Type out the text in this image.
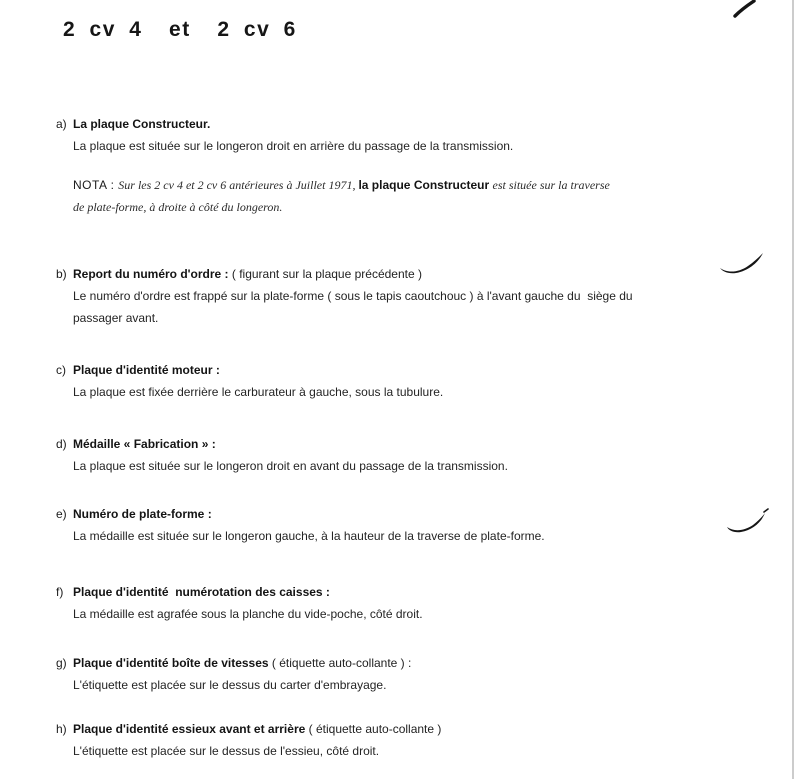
2 cv 4  et  2 cv 6
a) La plaque Constructeur.
La plaque est située sur le longeron droit en arrière du passage de la transmission.
NOTA : Sur les 2 cv 4 et 2 cv 6 antérieures à Juillet 1971, la plaque Constructeur est située sur la traverse
de plate-forme, à droite à côté du longeron.
b) Report du numéro d'ordre : ( figurant sur la plaque précédente )
Le numéro d'ordre est frappé sur la plate-forme ( sous le tapis caoutchouc ) à l'avant gauche du  siège du
passager avant.
c) Plaque d'identité moteur :
La plaque est fixée derrière le carburateur à gauche, sous la tubulure.
d) Médaille « Fabrication » :
La plaque est située sur le longeron droit en avant du passage de la transmission.
e) Numéro de plate-forme :
La médaille est située sur le longeron gauche, à la hauteur de la traverse de plate-forme.
f) Plaque d'identité  numérotation des caisses :
La médaille est agrafée sous la planche du vide-poche, côté droit.
g) Plaque d'identité boîte de vitesses ( étiquette auto-collante ) :
L'étiquette est placée sur le dessus du carter d'embrayage.
h) Plaque d'identité essieux avant et arrière ( étiquette auto-collante )
L'étiquette est placée sur le dessus de l'essieu, côté droit.
